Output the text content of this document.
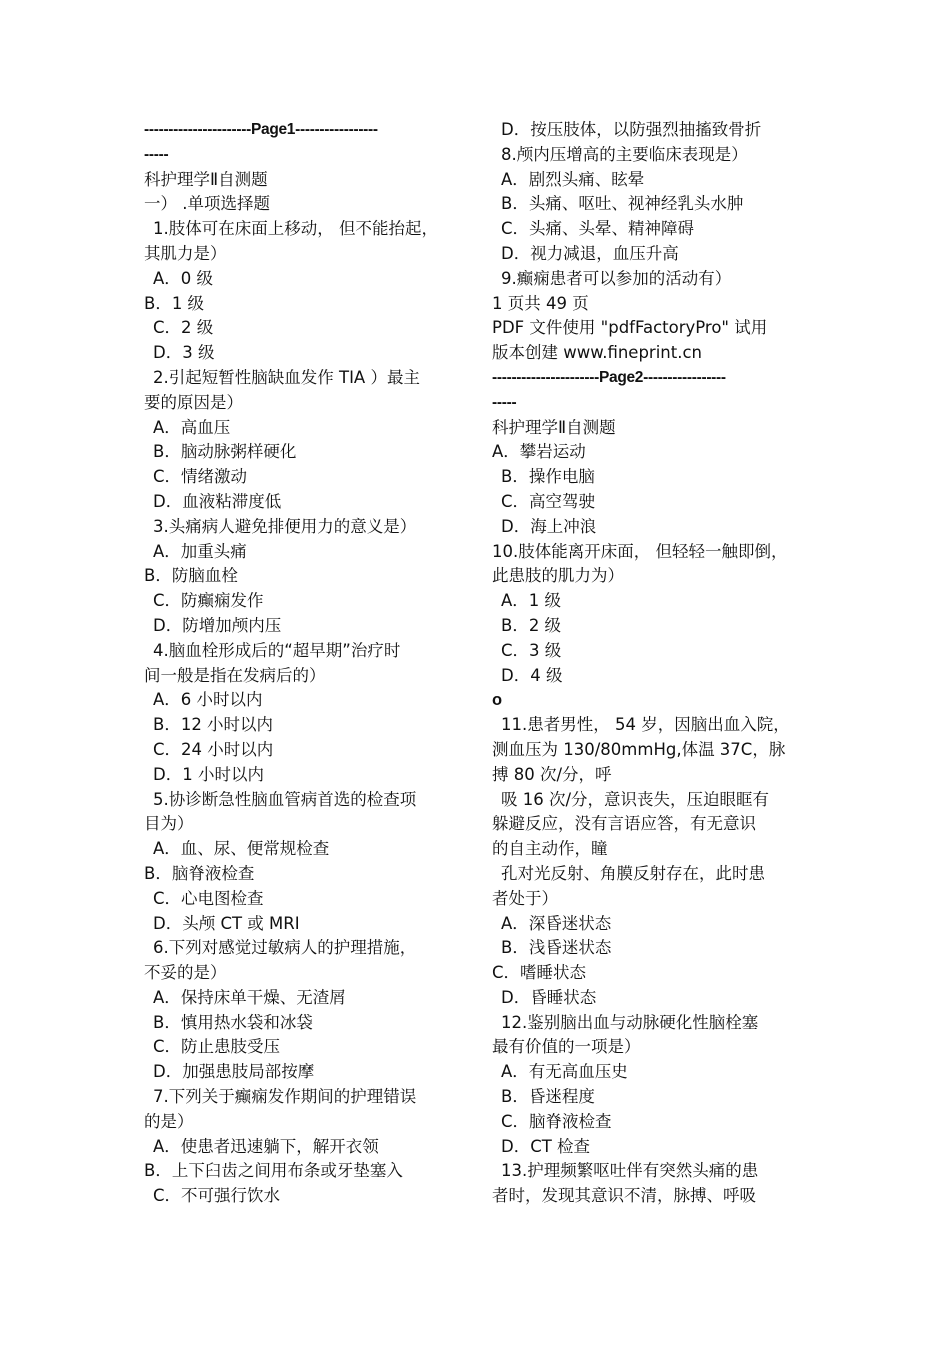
----------------------Page1-----------------
-----
科护理学Ⅱ自测题
一） .单项选择题
1.肢体可在床面上移动， 但不能抬起，
其肌力是）
A．0 级
B．1 级
C．2 级
D．3 级
2.引起短暂性脑缺血发作 TIA ）最主
要的原因是）
A．高血压
B．脑动脉粥样硬化
C．情绪激动
D．血液粘滞度低
3.头痛病人避免排便用力的意义是）
A．加重头痛
B．防脑血栓
C．防癫痫发作
D．防增加颅内压
4.脑血栓形成后的“超早期”治疗时
间一般是指在发病后的）
A．6 小时以内
B．12 小时以内
C．24 小时以内
D．1 小时以内
5.协诊断急性脑血管病首选的检查项
目为）
A．血、尿、便常规检查
B．脑脊液检查
C．心电图检查
D．头颅 CT 或 MRI
6.下列对感觉过敏病人的护理措施，
不妥的是）
A．保持床单干燥、无渣屑
B．慎用热水袋和冰袋
C．防止患肢受压
D．加强患肢局部按摩
7.下列关于癫痫发作期间的护理错误
的是）
A．使患者迅速躺下，解开衣领
B．上下臼齿之间用布条或牙垫塞入
C．不可强行饮水
D．按压肢体，以防强烈抽搐致骨折
8.颅内压增高的主要临床表现是）
A．剧烈头痛、眩晕
B．头痛、呕吐、视神经乳头水肿
C．头痛、头晕、精神障碍
D．视力减退，血压升高
9.癫痫患者可以参加的活动有）
1 页共 49 页
PDF 文件使用 "pdfFactoryPro" 试用
版本创建 www.fineprint.cn
----------------------Page2-----------------
-----
科护理学Ⅱ自测题
A．攀岩运动
B．操作电脑
C．高空驾驶
D．海上冲浪
10.肢体能离开床面， 但轻轻一触即倒，
此患肢的肌力为）
A．1 级
B．2 级
C．3 级
D．4 级
o
11.患者男性， 54 岁，因脑出血入院，
测血压为 130/80mmHg,体温 37C，脉
搏 80 次/分，呼
吸 16 次/分，意识丧失，压迫眼眶有
躲避反应，没有言语应答，有无意识
的自主动作，瞳
孔对光反射、角膜反射存在，此时患
者处于）
A．深昏迷状态
B．浅昏迷状态
C．嗜睡状态
D．昏睡状态
12.鉴别脑出血与动脉硬化性脑栓塞
最有价值的一项是）
A．有无高血压史
B．昏迷程度
C．脑脊液检查
D．CT 检查
13.护理频繁呕吐伴有突然头痛的患
者时，发现其意识不清，脉搏、呼吸
